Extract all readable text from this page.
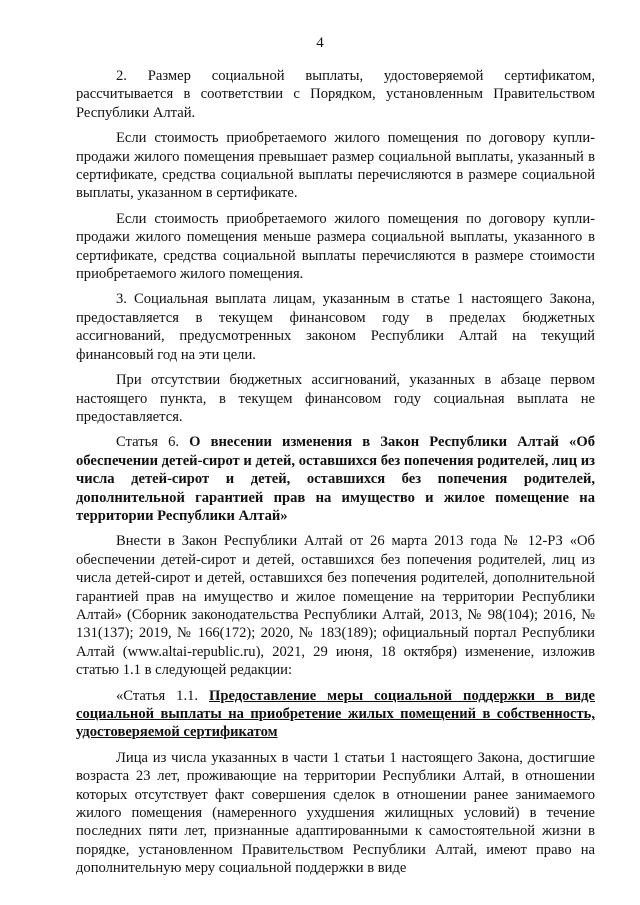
4

2. Размер социальной выплаты, удостоверяемой сертификатом, рассчитывается в соответствии с Порядком, установленным Правительством Республики Алтай.

Если стоимость приобретаемого жилого помещения по договору купли-продажи жилого помещения превышает размер социальной выплаты, указанный в сертификате, средства социальной выплаты перечисляются в размере социальной выплаты, указанном в сертификате.

Если стоимость приобретаемого жилого помещения по договору купли-продажи жилого помещения меньше размера социальной выплаты, указанного в сертификате, средства социальной выплаты перечисляются в размере стоимости приобретаемого жилого помещения.

3. Социальная выплата лицам, указанным в статье 1 настоящего Закона, предоставляется в текущем финансовом году в пределах бюджетных ассигнований, предусмотренных законом Республики Алтай на текущий финансовый год на эти цели.

При отсутствии бюджетных ассигнований, указанных в абзаце первом настоящего пункта, в текущем финансовом году социальная выплата не предоставляется.

Статья 6. О внесении изменения в Закон Республики Алтай «Об обеспечении детей-сирот и детей, оставшихся без попечения родителей, лиц из числа детей-сирот и детей, оставшихся без попечения родителей, дополнительной гарантией прав на имущество и жилое помещение на территории Республики Алтай»

Внести в Закон Республики Алтай от 26 марта 2013 года № 12-РЗ «Об обеспечении детей-сирот и детей, оставшихся без попечения родителей, лиц из числа детей-сирот и детей, оставшихся без попечения родителей, дополнительной гарантией прав на имущество и жилое помещение на территории Республики Алтай» (Сборник законодательства Республики Алтай, 2013, № 98(104); 2016, № 131(137); 2019, № 166(172); 2020, № 183(189); официальный портал Республики Алтай (www.altai-republic.ru), 2021, 29 июня, 18 октября) изменение, изложив статью 1.1 в следующей редакции:

«Статья 1.1. Предоставление меры социальной поддержки в виде социальной выплаты на приобретение жилых помещений в собственность, удостоверяемой сертификатом

Лица из числа указанных в части 1 статьи 1 настоящего Закона, достигшие возраста 23 лет, проживающие на территории Республики Алтай, в отношении которых отсутствует факт совершения сделок в отношении ранее занимаемого жилого помещения (намеренного ухудшения жилищных условий) в течение последних пяти лет, признанные адаптированными к самостоятельной жизни в порядке, установленном Правительством Республики Алтай, имеют право на дополнительную меру социальной поддержки в виде
